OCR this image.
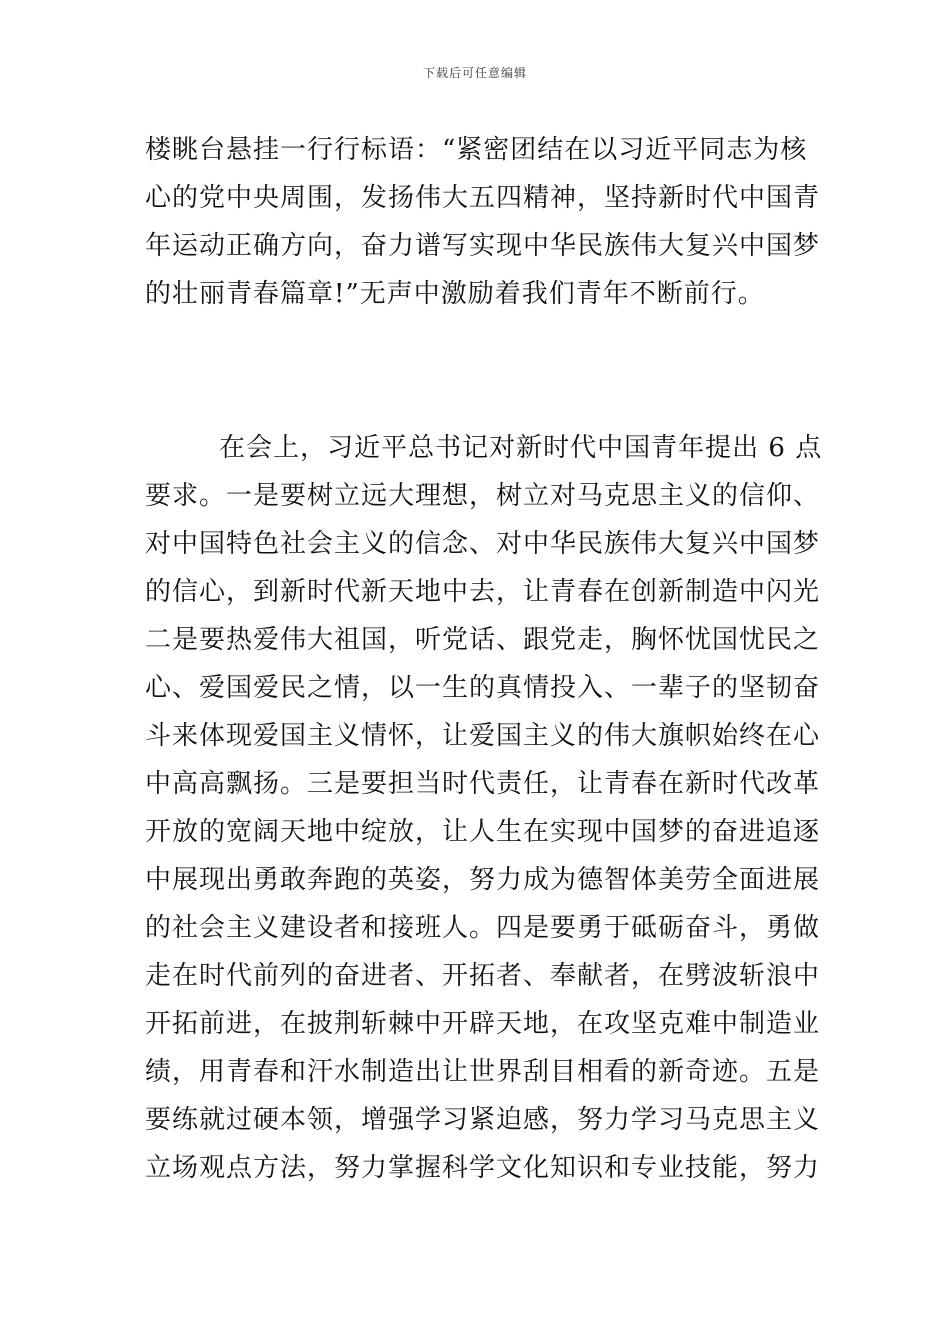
下载后可任意编辑
楼眺台悬挂一行行标语：“紧密团结在以习近平同志为核
心的党中央周围，发扬伟大五四精神，坚持新时代中国青
年运动正确方向，奋力谱写实现中华民族伟大复兴中国梦
的壮丽青春篇章!”无声中激励着我们青年不断前行。
在会上，习近平总书记对新时代中国青年提出 6 点
要求。一是要树立远大理想，树立对马克思主义的信仰、
对中国特色社会主义的信念、对中华民族伟大复兴中国梦
的信心，到新时代新天地中去，让青春在创新制造中闪光
二是要热爱伟大祖国，听党话、跟党走，胸怀忧国忧民之
心、爱国爱民之情，以一生的真情投入、一辈子的坚韧奋
斗来体现爱国主义情怀，让爱国主义的伟大旗帜始终在心
中高高飘扬。三是要担当时代责任，让青春在新时代改革
开放的宽阔天地中绽放，让人生在实现中国梦的奋进追逐
中展现出勇敢奔跑的英姿，努力成为德智体美劳全面进展
的社会主义建设者和接班人。四是要勇于砥砺奋斗，勇做
走在时代前列的奋进者、开拓者、奉献者，在劈波斩浪中
开拓前进，在披荆斩棘中开辟天地，在攻坚克难中制造业
绩，用青春和汗水制造出让世界刮目相看的新奇迹。五是
要练就过硬本领，增强学习紧迫感，努力学习马克思主义
立场观点方法，努力掌握科学文化知识和专业技能，努力
